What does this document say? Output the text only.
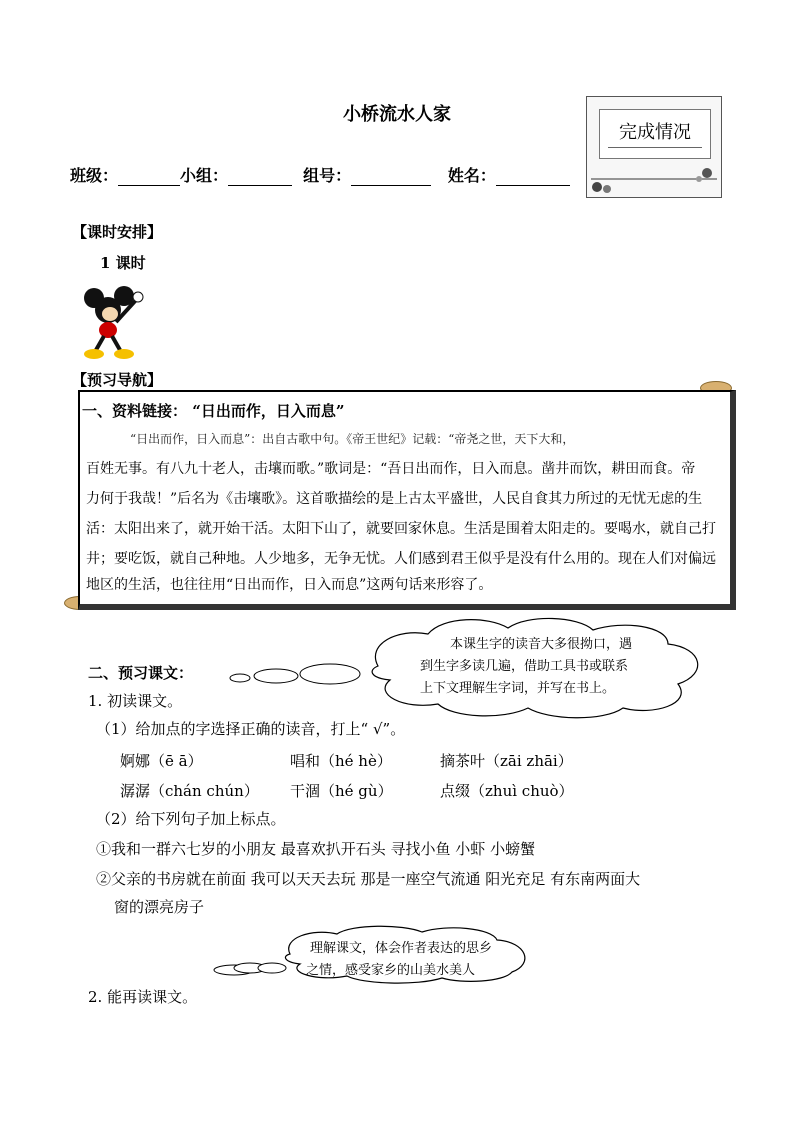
小桥流水人家
完成情况
班级：	小组：	组号：	姓名：
【课时安排】
1 课时
【预习导航】
一、资料链接： “日出而作，日入而息”
“日出而作，日入而息”：出自古歌中句。《帝王世纪》记载：“帝尧之世，天下大和，
百姓无事。有八九十老人，击壤而歌。”歌词是：“吾日出而作，日入而息。凿井而饮，耕田而食。帝
力何于我哉！”后名为《击壤歌》。这首歌描绘的是上古太平盛世，人民自食其力所过的无忧无虑的生
活：太阳出来了，就开始干活。太阳下山了，就要回家休息。生活是围着太阳走的。要喝水，就自己打
井；要吃饭，就自己种地。人少地多，无争无忧。人们感到君王似乎是没有什么用的。现在人们对偏远
地区的生活，也往往用“日出而作，日入而息”这两句话来形容了。
本课生字的读音大多很拗口，遇
到生字多读几遍，借助工具书或联系
上下文理解生字词，并写在书上。
二、预习课文：
1. 初读课文。
（1）给加点的字选择正确的读音，打上“ √”。
婀娜（ē ā）	唱和（hé hè）	摘茶叶（zāi zhāi）
潺潺（chán chún） 干涸（hé gù）	点缀（zhuì chuò）
（2）给下列句子加上标点。
①我和一群六七岁的小朋友 最喜欢扒开石头 寻找小鱼 小虾 小螃蟹
②父亲的书房就在前面 我可以天天去玩 那是一座空气流通 阳光充足 有东南两面大
窗的漂亮房子
理解课文，体会作者表达的思乡
之情，感受家乡的山美水美人
2. 能再读课文。
